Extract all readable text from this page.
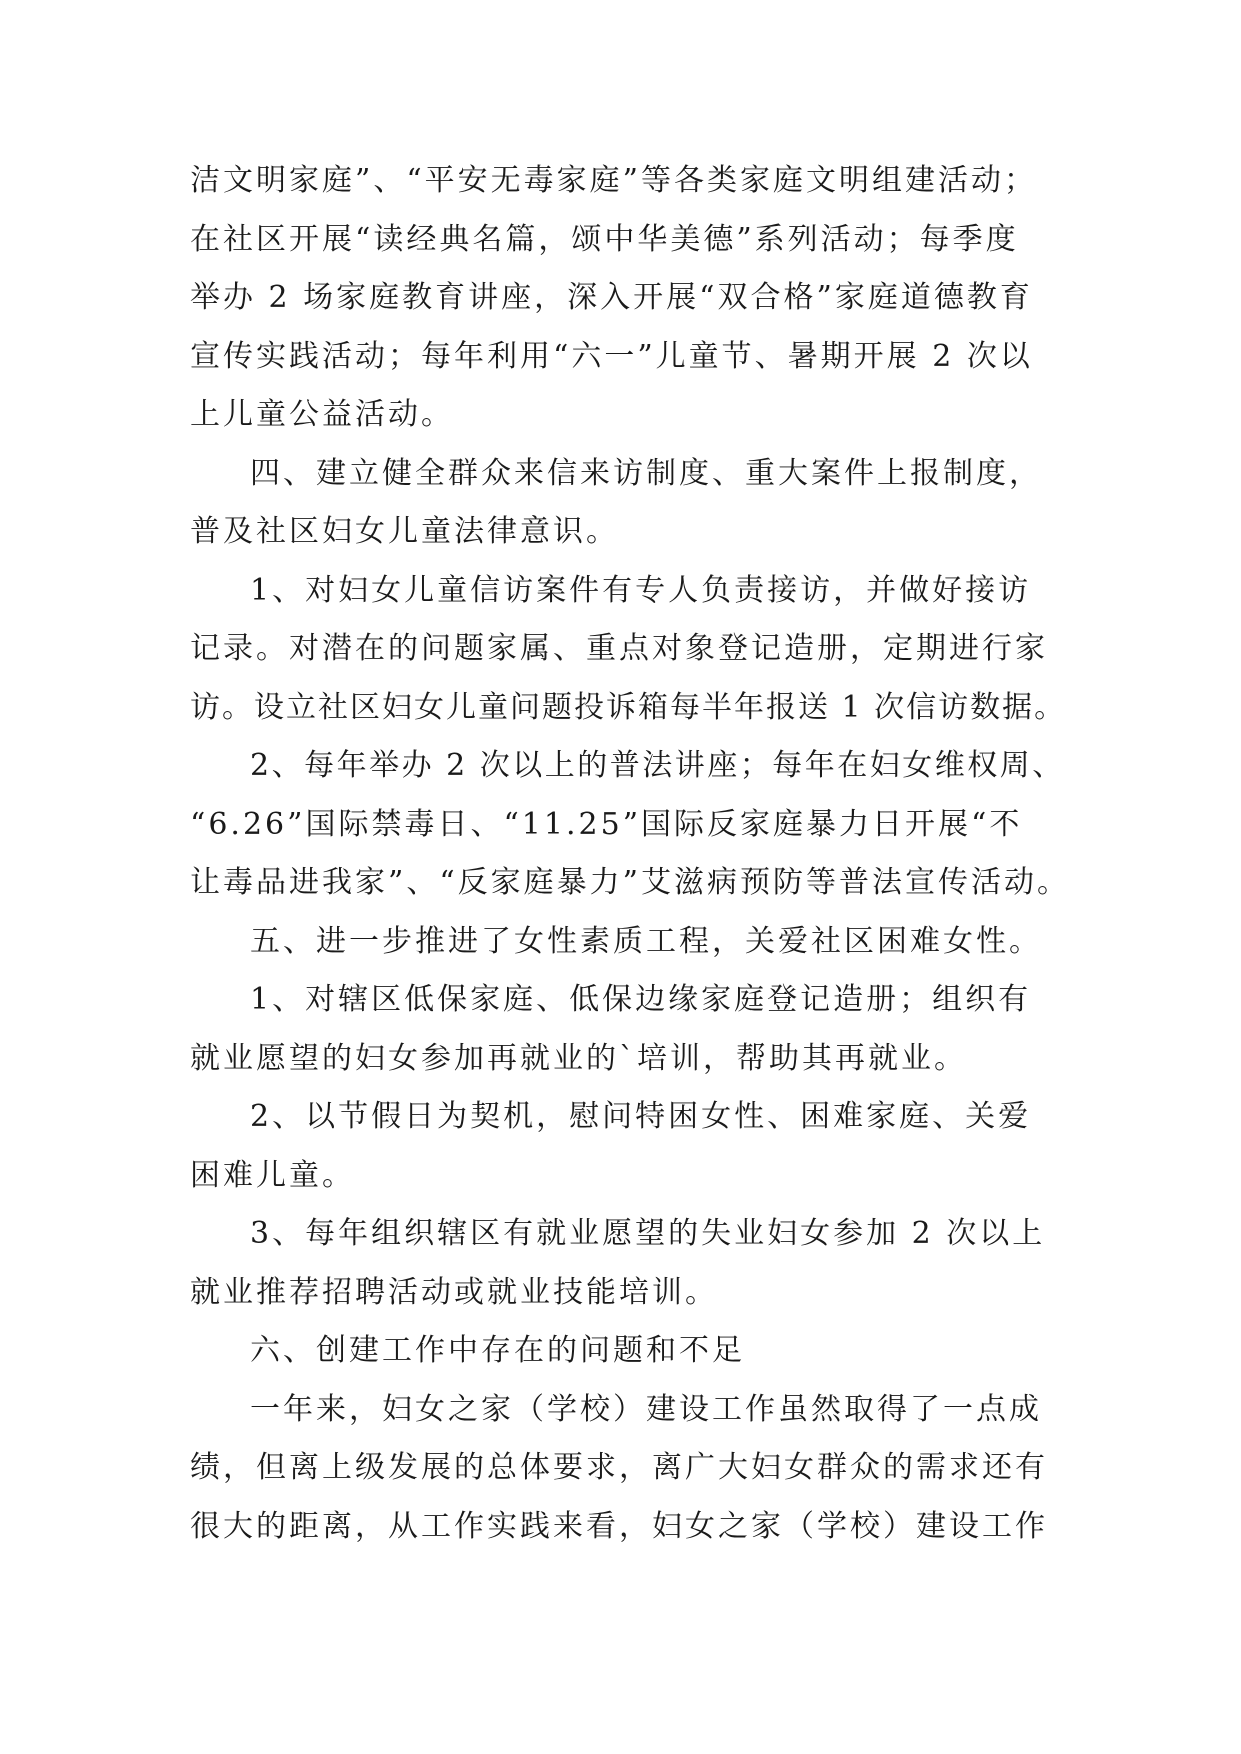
洁文明家庭”、“平安无毒家庭”等各类家庭文明组建活动；
在社区开展“读经典名篇，颂中华美德”系列活动；每季度
举办 2 场家庭教育讲座，深入开展“双合格”家庭道德教育
宣传实践活动；每年利用“六一”儿童节、暑期开展 2 次以
上儿童公益活动。
四、建立健全群众来信来访制度、重大案件上报制度，
普及社区妇女儿童法律意识。
1、对妇女儿童信访案件有专人负责接访，并做好接访
记录。对潜在的问题家属、重点对象登记造册，定期进行家
访。设立社区妇女儿童问题投诉箱每半年报送 1 次信访数据。
2、每年举办 2 次以上的普法讲座；每年在妇女维权周、
“6.26”国际禁毒日、“11.25”国际反家庭暴力日开展“不
让毒品进我家”、“反家庭暴力”艾滋病预防等普法宣传活动。
五、进一步推进了女性素质工程，关爱社区困难女性。
1、对辖区低保家庭、低保边缘家庭登记造册；组织有
就业愿望的妇女参加再就业的`培训，帮助其再就业。
2、以节假日为契机，慰问特困女性、困难家庭、关爱
困难儿童。
3、每年组织辖区有就业愿望的失业妇女参加 2 次以上
就业推荐招聘活动或就业技能培训。
六、创建工作中存在的问题和不足
一年来，妇女之家（学校）建设工作虽然取得了一点成
绩，但离上级发展的总体要求，离广大妇女群众的需求还有
很大的距离，从工作实践来看，妇女之家（学校）建设工作
